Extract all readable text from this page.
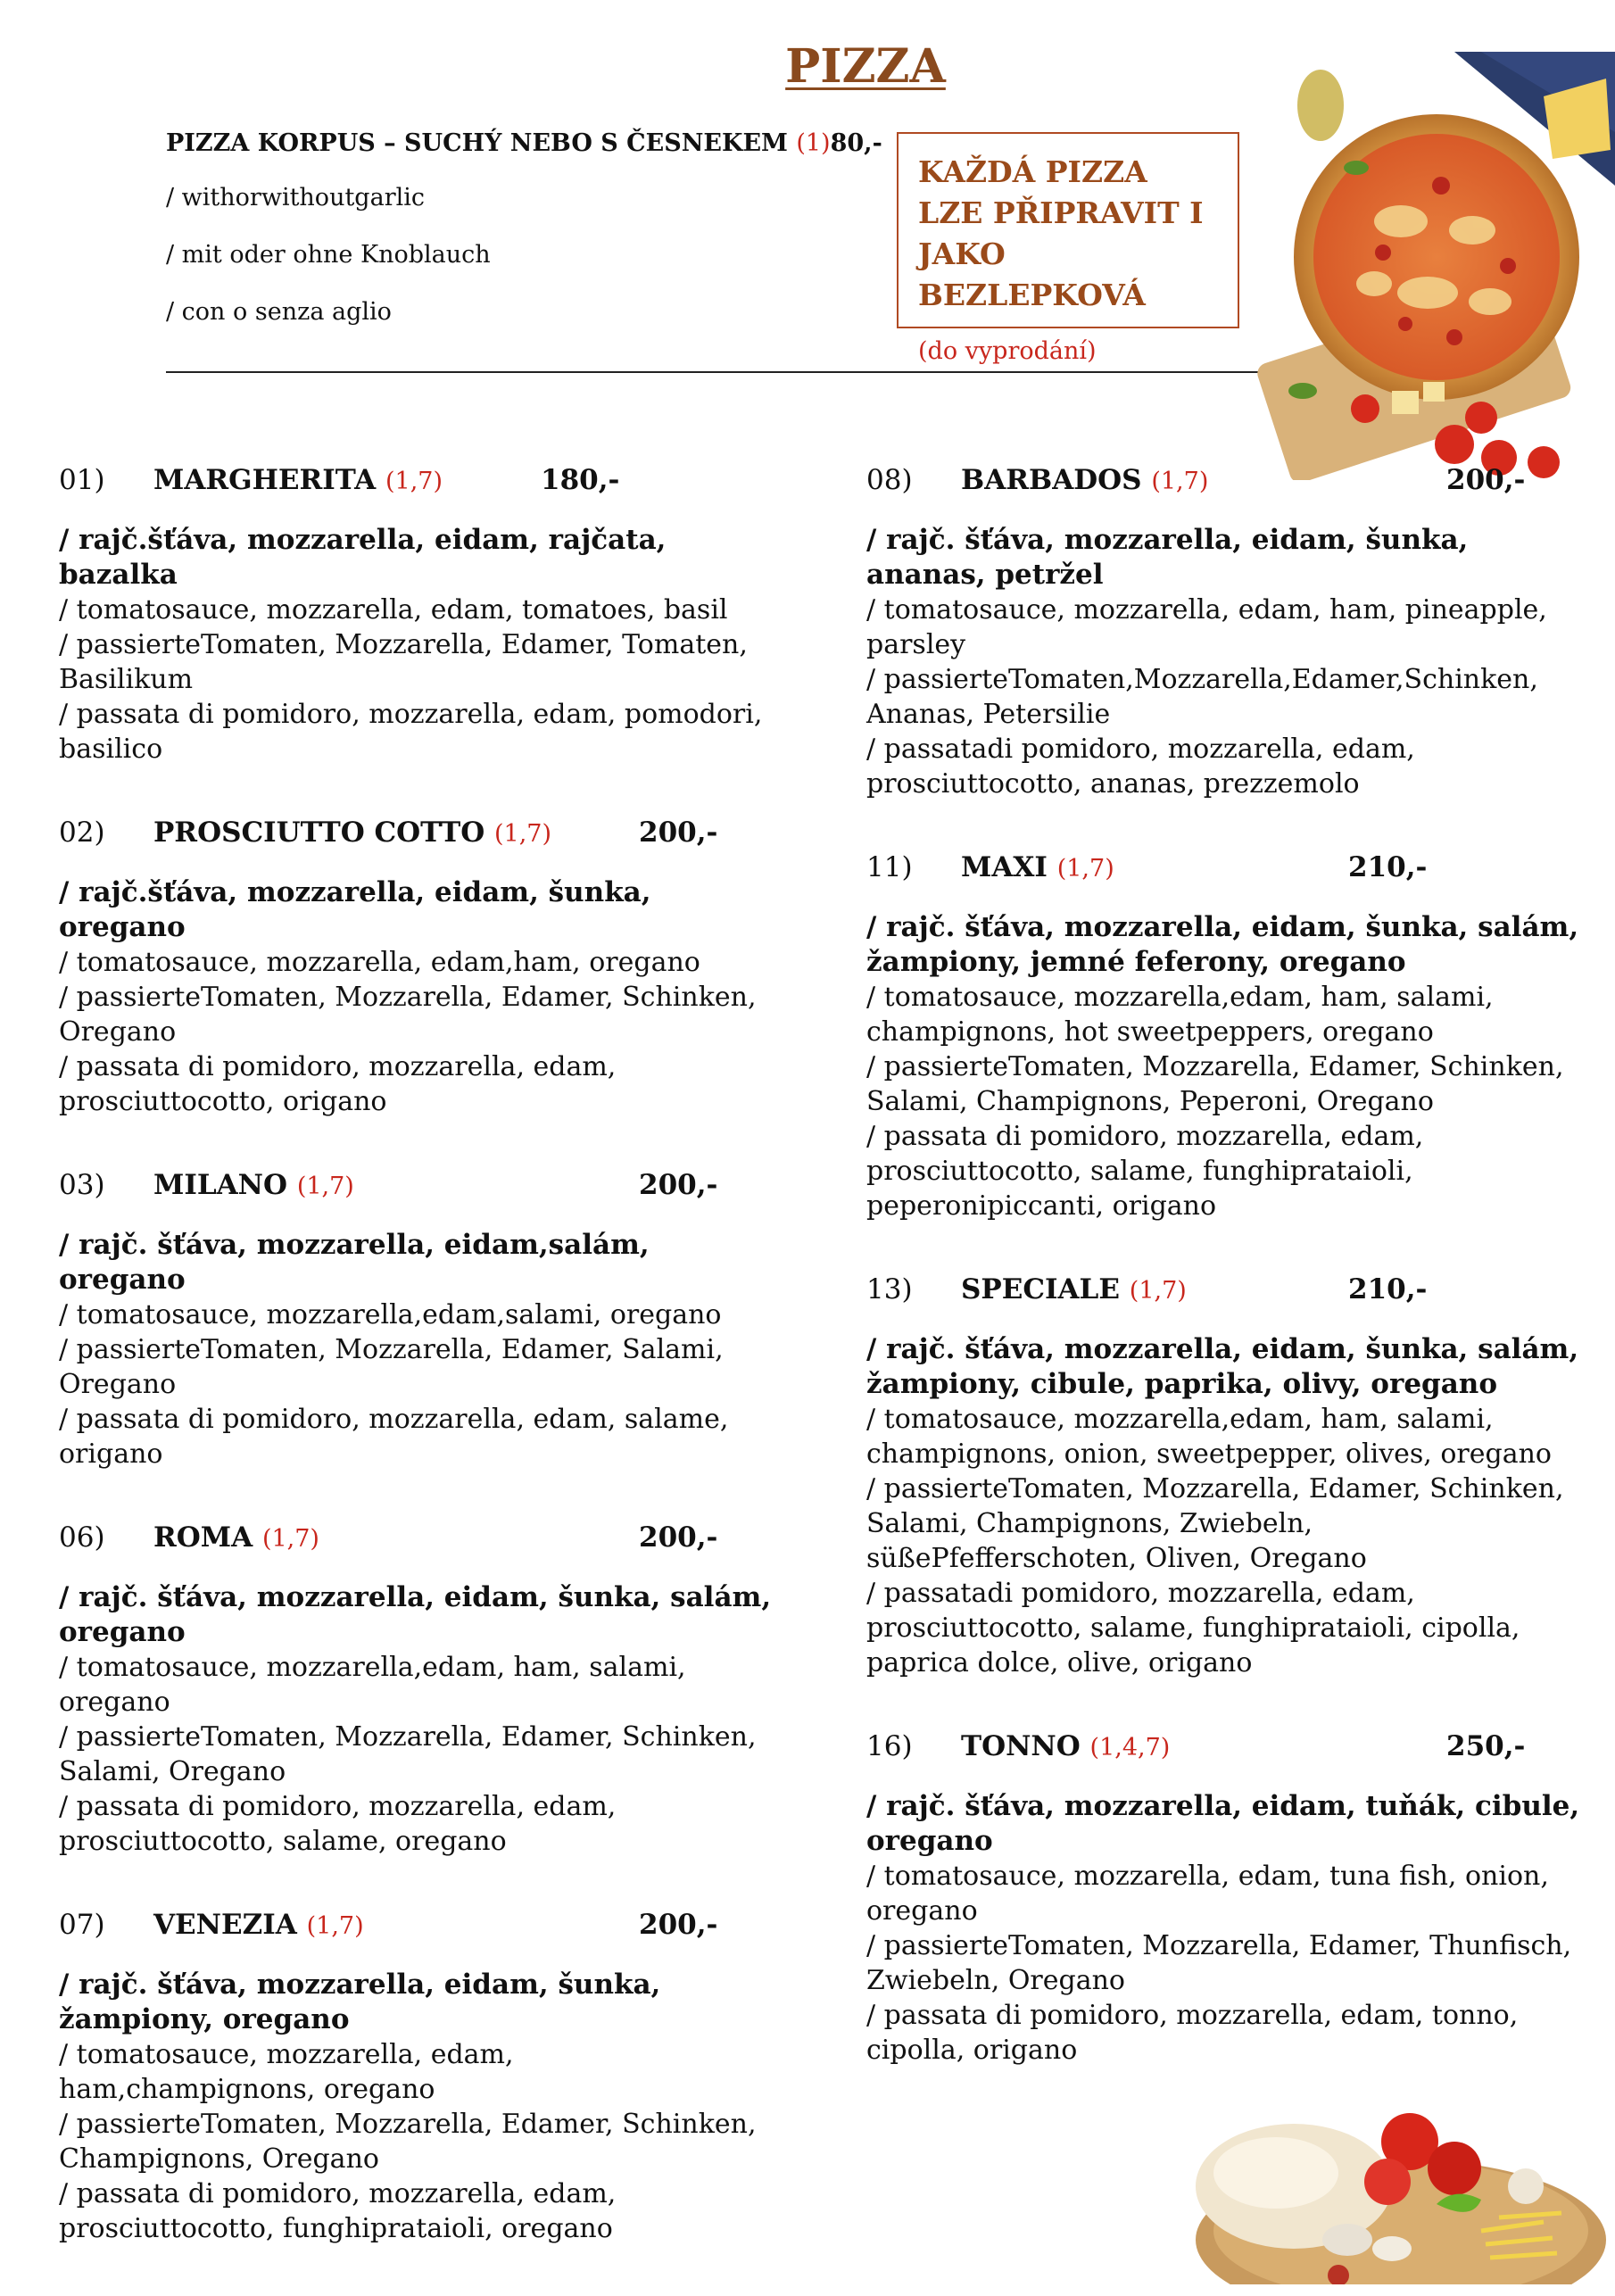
PIZZA
PIZZA KORPUS – SUCHÝ NEBO S ČESNEKEM (1)80,-
/ withorwithoutgarlic
/ mit oder ohne Knoblauch
/ con o senza aglio
KAŽDÁ PIZZA LZE PŘIPRAVIT I JAKO BEZLEPKOVÁ
(do vyprodání)
01) MARGHERITA (1,7)	180,-
/ rajč.šťáva, mozzarella, eidam, rajčata, bazalka
/ tomatosauce, mozzarella, edam, tomatoes, basil
/ passierteTomaten, Mozzarella, Edamer, Tomaten, Basilikum
/ passata di pomidoro, mozzarella, edam, pomodori, basilico
02) PROSCIUTTO COTTO (1,7)	200,-
/ rajč.šťáva, mozzarella, eidam, šunka, oregano
/ tomatosauce, mozzarella, edam,ham, oregano
/ passierteTomaten, Mozzarella, Edamer, Schinken, Oregano
/ passata di pomidoro, mozzarella, edam, prosciuttocotto, origano
03) MILANO (1,7)	200,-
/ rajč. šťáva, mozzarella, eidam,salám, oregano
/ tomatosauce, mozzarella,edam,salami, oregano
/ passierteTomaten, Mozzarella, Edamer, Salami, Oregano
/ passata di pomidoro, mozzarella, edam, salame, origano
06) ROMA (1,7)	200,-
/ rajč. šťáva, mozzarella, eidam, šunka, salám, oregano
/ tomatosauce, mozzarella,edam, ham, salami, oregano
/ passierteTomaten, Mozzarella, Edamer, Schinken, Salami, Oregano
/ passata di pomidoro, mozzarella, edam, prosciuttocotto, salame, oregano
07) VENEZIA (1,7)	200,-
/ rajč. šťáva, mozzarella, eidam, šunka, žampiony, oregano
/ tomatosauce, mozzarella, edam, ham,champignons, oregano
/ passierteTomaten, Mozzarella, Edamer, Schinken, Champignons, Oregano
/ passata di pomidoro, mozzarella, edam, prosciuttocotto, funghiprataioli, oregano
08) BARBADOS (1,7)	200,-
/ rajč. šťáva, mozzarella, eidam, šunka, ananas, petržel
/ tomatosauce, mozzarella, edam, ham, pineapple, parsley
/ passierteTomaten,Mozzarella,Edamer,Schinken, Ananas, Petersilie
/ passatadi pomidoro, mozzarella, edam, prosciuttocotto, ananas, prezzemolo
11) MAXI (1,7)	210,-
/ rajč. šťáva, mozzarella, eidam, šunka, salám, žampiony, jemné feferony, oregano
/ tomatosauce, mozzarella,edam, ham, salami, champignons, hot sweetpeppers, oregano
/ passierteTomaten, Mozzarella, Edamer, Schinken, Salami, Champignons, Peperoni, Oregano
/ passata di pomidoro, mozzarella, edam, prosciuttocotto, salame, funghiprataioli, peperonipiccanti, origano
13) SPECIALE (1,7)	210,-
/ rajč. šťáva, mozzarella, eidam, šunka, salám, žampiony, cibule, paprika, olivy, oregano
/ tomatosauce, mozzarella,edam, ham, salami, champignons, onion, sweetpepper, olives, oregano
/ passierteTomaten, Mozzarella, Edamer, Schinken, Salami, Champignons, Zwiebeln, süßePfefferschoten, Oliven, Oregano
/ passatadi pomidoro, mozzarella, edam, prosciuttocotto, salame, funghiprataioli, cipolla, paprica dolce, olive, origano
16) TONNO (1,4,7)	250,-
/ rajč. šťáva, mozzarella, eidam, tuňák, cibule, oregano
/ tomatosauce, mozzarella, edam, tuna fish, onion, oregano
/ passierteTomaten, Mozzarella, Edamer, Thunfisch, Zwiebeln, Oregano
/ passata di pomidoro, mozzarella, edam, tonno, cipolla, origano
